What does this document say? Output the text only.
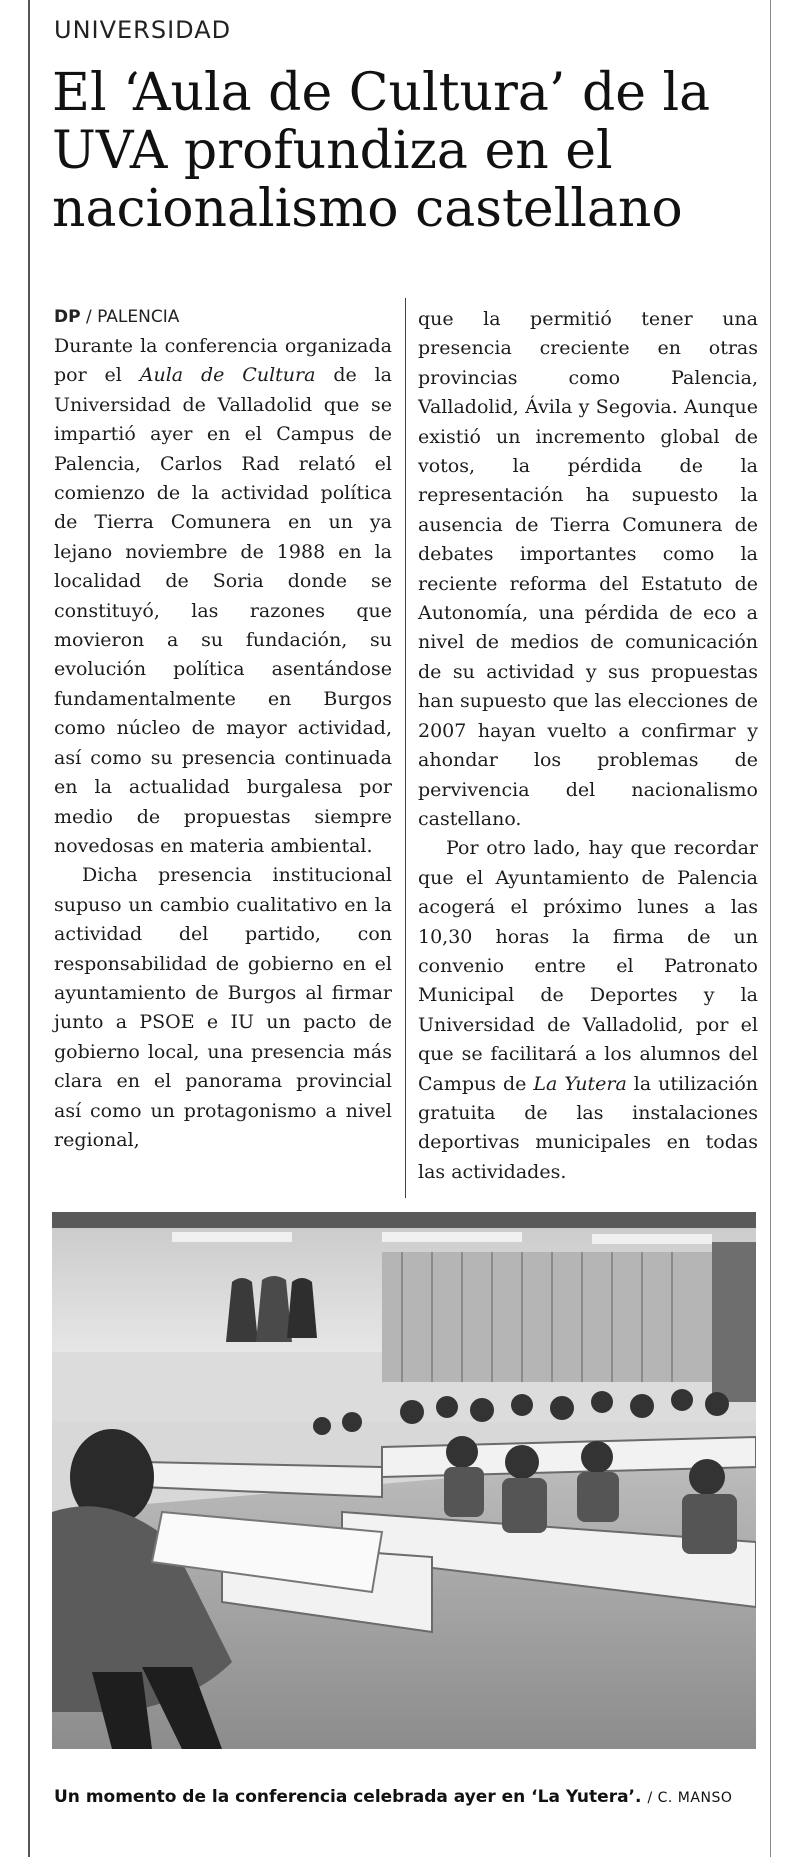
UNIVERSIDAD
El ‘Aula de Cultura’ de la UVA profundiza en el nacionalismo castellano
DP / PALENCIA

Durante la conferencia organizada por el Aula de Cultura de la Universidad de Valladolid que se impartió ayer en el Campus de Palencia, Carlos Rad relató el comienzo de la actividad política de Tierra Comunera en un ya lejano noviembre de 1988 en la localidad de Soria donde se constituyó, las razones que movieron a su fundación, su evolución política asentándose fundamentalmente en Burgos como núcleo de mayor actividad, así como su presencia continuada en la actualidad burgalesa por medio de propuestas siempre novedosas en materia ambiental.

Dicha presencia institucional supuso un cambio cualitativo en la actividad del partido, con responsabilidad de gobierno en el ayuntamiento de Burgos al firmar junto a PSOE e IU un pacto de gobierno local, una presencia más clara en el panorama provincial así como un protagonismo a nivel regional,

que la permitió tener una presencia creciente en otras provincias como Palencia, Valladolid, Ávila y Segovia. Aunque existió un incremento global de votos, la pérdida de la representación ha supuesto la ausencia de Tierra Comunera de debates importantes como la reciente reforma del Estatuto de Autonomía, una pérdida de eco a nivel de medios de comunicación de su actividad y sus propuestas han supuesto que las elecciones de 2007 hayan vuelto a confirmar y ahondar los problemas de pervivencia del nacionalismo castellano.

Por otro lado, hay que recordar que el Ayuntamiento de Palencia acogerá el próximo lunes a las 10,30 horas la firma de un convenio entre el Patronato Municipal de Deportes y la Universidad de Valladolid, por el que se facilitará a los alumnos del Campus de La Yutera la utilización gratuita de las instalaciones deportivas municipales en todas las actividades.

Un momento de la conferencia celebrada ayer en ‘La Yutera’. / C. MANSO
